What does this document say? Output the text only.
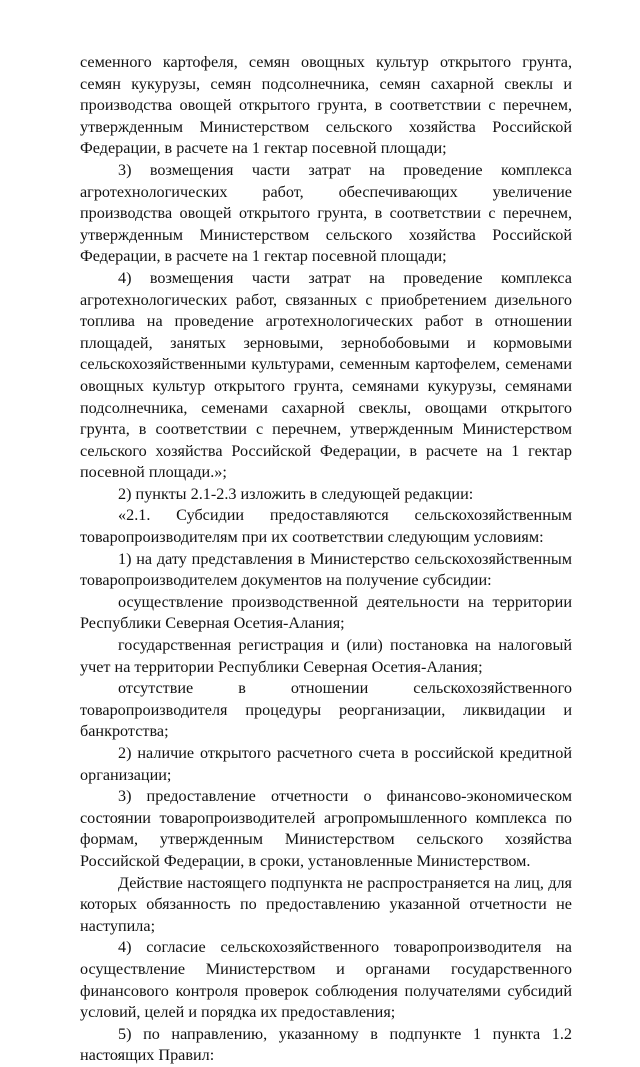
семенного картофеля, семян овощных культур открытого грунта, семян кукурузы, семян подсолнечника, семян сахарной свеклы и производства овощей открытого грунта, в соответствии с перечнем, утвержденным Министерством сельского хозяйства Российской Федерации, в расчете на 1 гектар посевной площади;

3) возмещения части затрат на проведение комплекса агротехнологических работ, обеспечивающих увеличение производства овощей открытого грунта, в соответствии с перечнем, утвержденным Министерством сельского хозяйства Российской Федерации, в расчете на 1 гектар посевной площади;

4) возмещения части затрат на проведение комплекса агротехнологических работ, связанных с приобретением дизельного топлива на проведение агротехнологических работ в отношении площадей, занятых зерновыми, зернобобовыми и кормовыми сельскохозяйственными культурами, семенным картофелем, семенами овощных культур открытого грунта, семянами кукурузы, семянами подсолнечника, семенами сахарной свеклы, овощами открытого грунта, в соответствии с перечнем, утвержденным Министерством сельского хозяйства Российской Федерации, в расчете на 1 гектар посевной площади.»;

2) пункты 2.1-2.3 изложить в следующей редакции:

«2.1. Субсидии предоставляются сельскохозяйственным товаропроизводителям при их соответствии следующим условиям:

1) на дату представления в Министерство сельскохозяйственным товаропроизводителем документов на получение субсидии:

осуществление производственной деятельности на территории Республики Северная Осетия-Алания;

государственная регистрация и (или) постановка на налоговый учет на территории Республики Северная Осетия-Алания;

отсутствие в отношении сельскохозяйственного товаропроизводителя процедуры реорганизации, ликвидации и банкротства;

2) наличие открытого расчетного счета в российской кредитной организации;

3) предоставление отчетности о финансово-экономическом состоянии товаропроизводителей агропромышленного комплекса по формам, утвержденным Министерством сельского хозяйства Российской Федерации, в сроки, установленные Министерством.

Действие настоящего подпункта не распространяется на лиц, для которых обязанность по предоставлению указанной отчетности не наступила;

4) согласие сельскохозяйственного товаропроизводителя на осуществление Министерством и органами государственного финансового контроля проверок соблюдения получателями субсидий условий, целей и порядка их предоставления;

5) по направлению, указанному в подпункте 1 пункта 1.2 настоящих Правил:
